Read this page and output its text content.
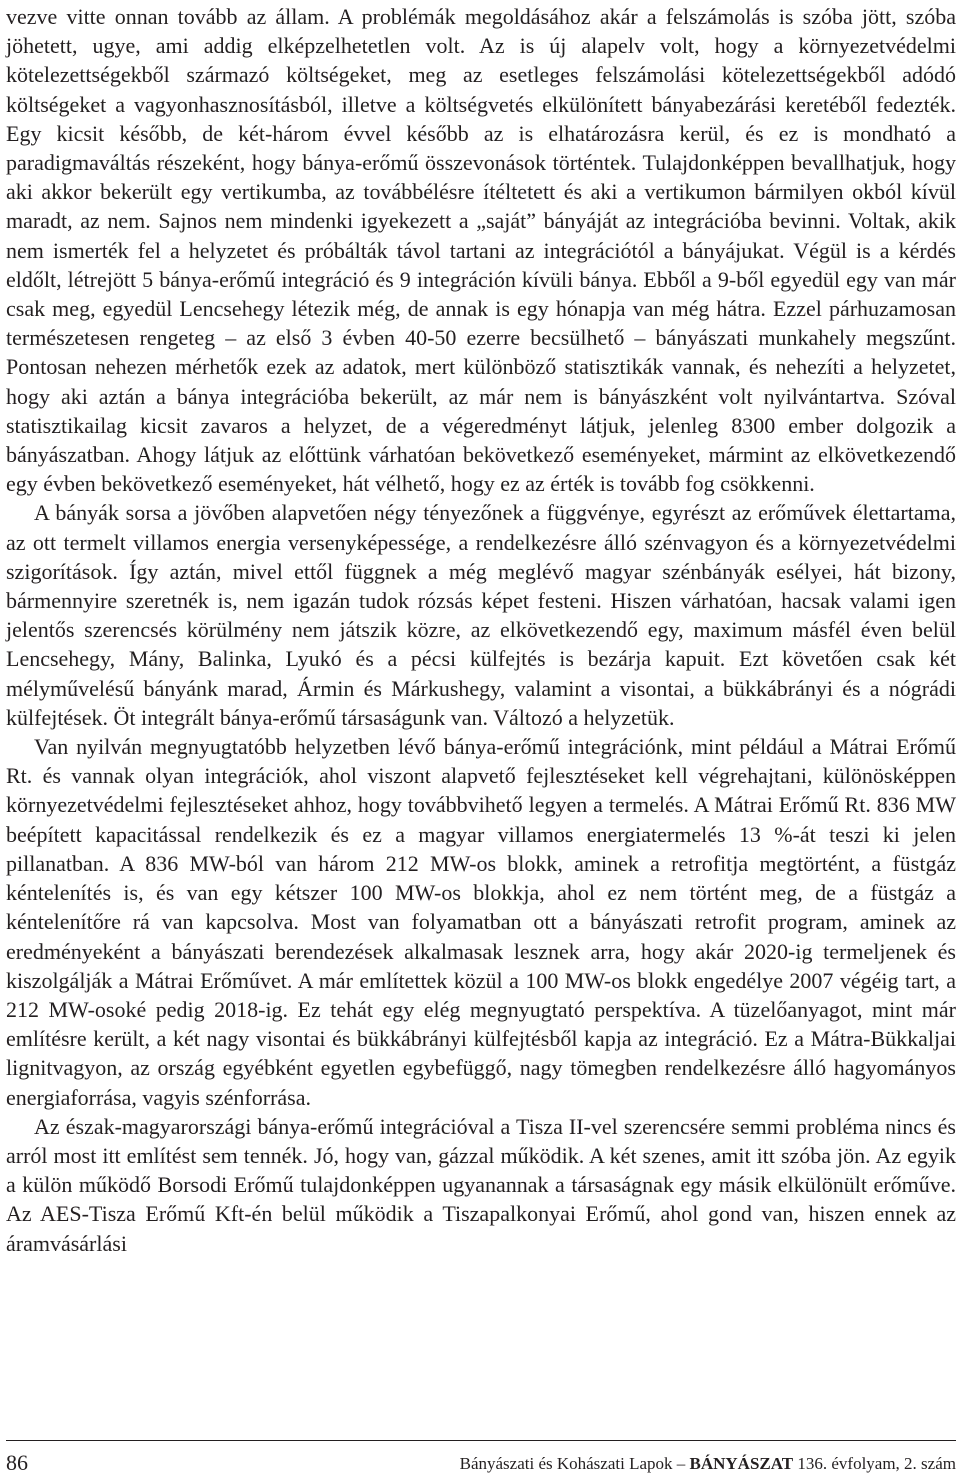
vezve vitte onnan tovább az állam. A problémák megoldásához akár a felszámolás is szóba jött, szóba jöhetett, ugye, ami addig elképzelhetetlen volt. Az is új alapelv volt, hogy a környezetvédelmi kötelezettségekből származó költségeket, meg az esetleges felszámolási kötelezettségekből adódó költségeket a vagyonhasznosításból, illetve a költségvetés elkülönített bányabezárási keretéből fedezték. Egy kicsit később, de két-három évvel később az is elhatározásra kerül, és ez is mondható a paradigmaváltás részeként, hogy bánya-erőmű összevonások történtek. Tulajdonképpen bevallhatjuk, hogy aki akkor bekerült egy vertikumba, az továbbélésre ítéltetett és aki a vertikumon bármilyen okból kívül maradt, az nem. Sajnos nem mindenki igyekezett a „saját” bányáját az integrációba bevinni. Voltak, akik nem ismerték fel a helyzetet és próbálták távol tartani az integrációtól a bányájukat. Végül is a kérdés eldőlt, létrejött 5 bánya-erőmű integráció és 9 integráción kívüli bánya. Ebből a 9-ből egyedül egy van már csak meg, egyedül Lencsehegy létezik még, de annak is egy hónapja van még hátra. Ezzel párhuzamosan természetesen rengeteg – az első 3 évben 40-50 ezerre becsülhető – bányászati munkahely megszűnt. Pontosan nehezen mérhetők ezek az adatok, mert különböző statisztikák vannak, és nehezíti a helyzetet, hogy aki aztán a bánya integrációba bekerült, az már nem is bányászként volt nyilvántartva. Szóval statisztikailag kicsit zavaros a helyzet, de a végeredményt látjuk, jelenleg 8300 ember dolgozik a bányászatban. Ahogy látjuk az előttünk várhatóan bekövetkező eseményeket, mármint az elkövetkezendő egy évben bekövetkező eseményeket, hát vélhető, hogy ez az érték is tovább fog csökkenni.

A bányák sorsa a jövőben alapvetően négy tényezőnek a függvénye, egyrészt az erőművek élettartama, az ott termelt villamos energia versenyképessége, a rendelkezésre álló szénvagyon és a környezetvédelmi szigorítások. Így aztán, mivel ettől függnek a még meglévő magyar szénbányák esélyei, hát bizony, bármennyire szeretnék is, nem igazán tudok rózsás képet festeni. Hiszen várhatóan, hacsak valami igen jelentős szerencsés körülmény nem játszik közre, az elkövetkezendő egy, maximum másfél éven belül Lencsehegy, Mány, Balinka, Lyukó és a pécsi külfejtés is bezárja kapuit. Ezt követően csak két mélyművelésű bányánk marad, Ármin és Márkushegy, valamint a visontai, a bükkábrányi és a nógrádi külfejtések. Öt integrált bánya-erőmű társaságunk van. Változó a helyzetük.

Van nyilván megnyugtatóbb helyzetben lévő bánya-erőmű integrációnk, mint például a Mátrai Erőmű Rt. és vannak olyan integrációk, ahol viszont alapvető fejlesztéseket kell végrehajtani, különösképpen környezetvédelmi fejlesztéseket ahhoz, hogy továbbvihető legyen a termelés. A Mátrai Erőmű Rt. 836 MW beépített kapacitással rendelkezik és ez a magyar villamos energiatermelés 13 %-át teszi ki jelen pillanatban. A 836 MW-ból van három 212 MW-os blokk, aminek a retrofitja megtörtént, a füstgáz kéntelenítés is, és van egy kétszer 100 MW-os blokkja, ahol ez nem történt meg, de a füstgáz a kéntelenítőre rá van kapcsolva. Most van folyamatban ott a bányászati retrofit program, aminek az eredményeként a bányászati berendezések alkalmasak lesznek arra, hogy akár 2020-ig termeljenek és kiszolgálják a Mátrai Erőművet. A már említettek közül a 100 MW-os blokk engedélye 2007 végéig tart, a 212 MW-osoké pedig 2018-ig. Ez tehát egy elég megnyugtató perspektíva. A tüzelőanyagot, mint már említésre került, a két nagy visontai és bükkábrányi külfejtésből kapja az integráció. Ez a Mátra-Bükkaljai lignitvagyon, az ország egyébként egyetlen egybefüggő, nagy tömegben rendelkezésre álló hagyományos energiaforrása, vagyis szénforrása.

Az észak-magyarországi bánya-erőmű integrációval a Tisza II-vel szerencsére semmi probléma nincs és arról most itt említést sem tennék. Jó, hogy van, gázzal működik. A két szenes, amit itt szóba jön. Az egyik a külön működő Borsodi Erőmű tulajdonképpen ugyanannak a társaságnak egy másik elkülönült erőműve. Az AES-Tisza Erőmű Kft-én belül működik a Tiszapalkonyai Erőmű, ahol gond van, hiszen ennek az áramvásárlási

86	Bányászati és Kohászati Lapok – BÁNYÁSZAT 136. évfolyam, 2. szám
